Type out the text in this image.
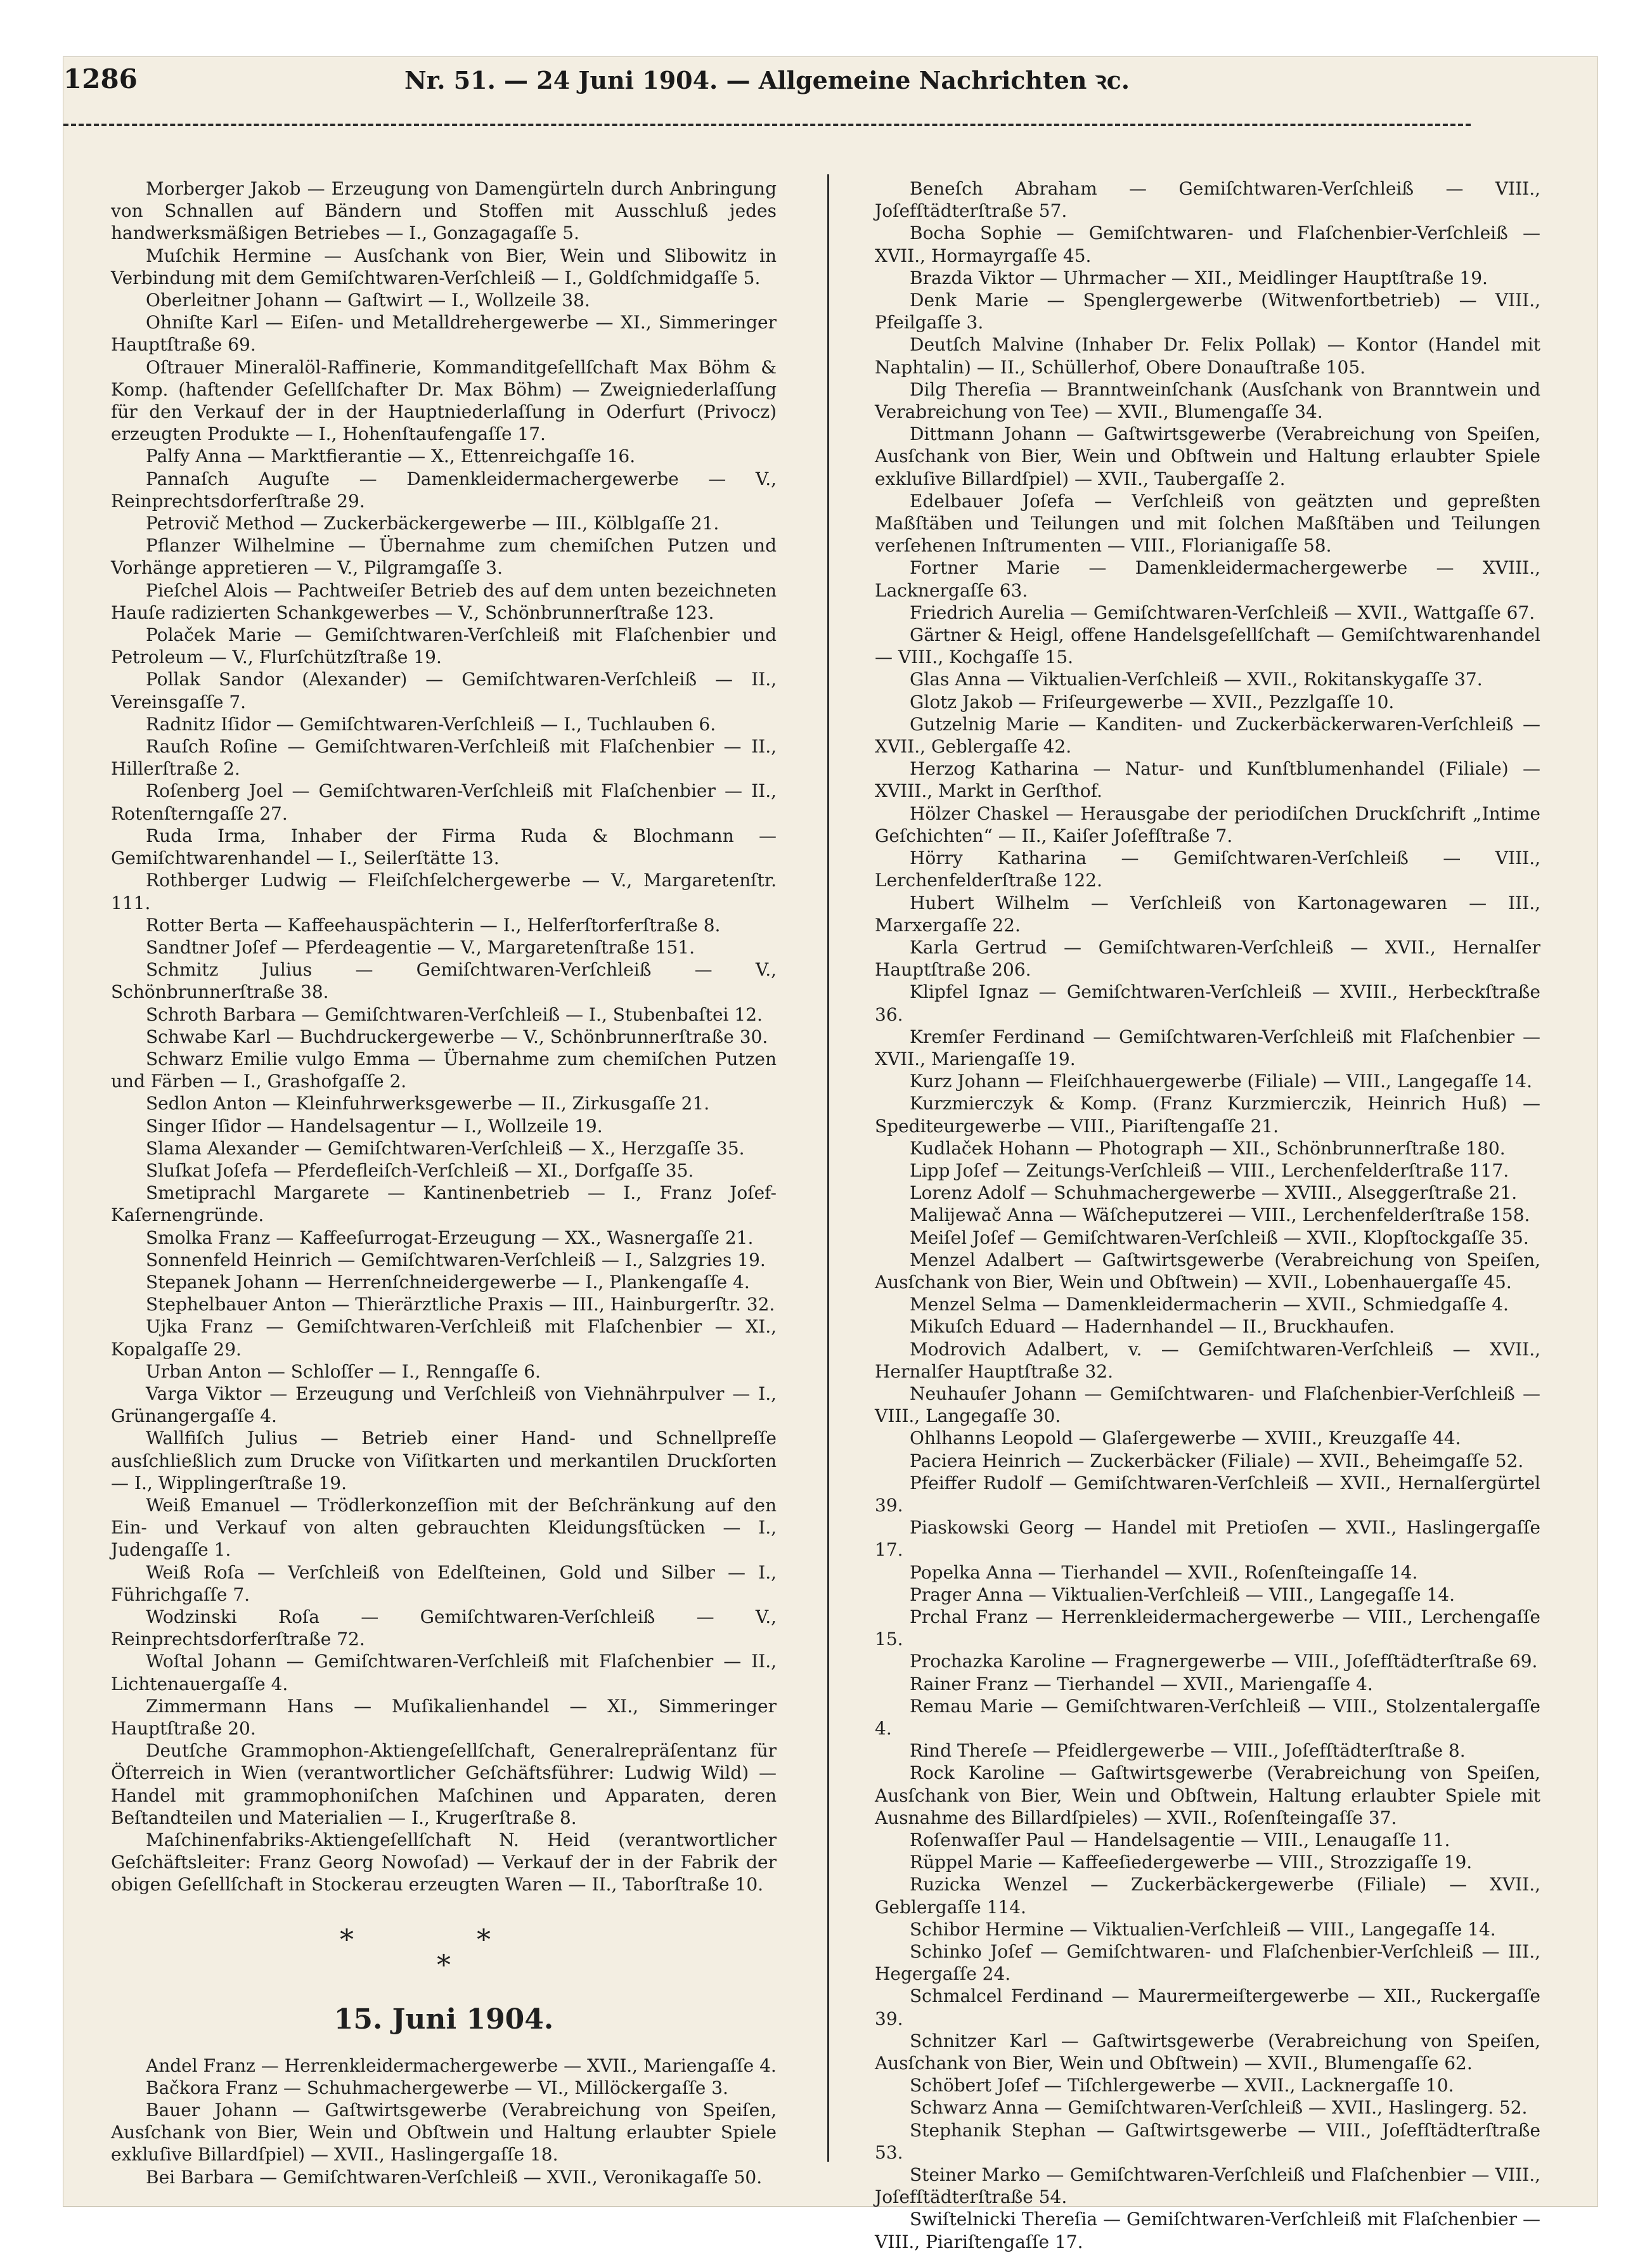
1286	Nr. 51. — 24 Juni 1904. — Allgemeine Nachrichten ꝛc.

Morberger Jakob — Erzeugung von Damengürteln durch Anbringung von Schnallen auf Bändern und Stoffen mit Ausschluß jedes handwerksmäßigen Betriebes — I., Gonzagagaſſe 5.

Muſchik Hermine — Ausſchank von Bier, Wein und Slibowitz in Verbindung mit dem Gemiſchtwaren-Verſchleiß — I., Goldſchmidgaſſe 5.

Oberleitner Johann — Gaſtwirt — I., Wollzeile 38.

Ohniſte Karl — Eiſen- und Metalldrehergewerbe — XI., Simmeringer Hauptſtraße 69.

Oſtrauer Mineralöl-Raffinerie, Kommanditgeſellſchaft Max Böhm & Komp. (haftender Geſellſchafter Dr. Max Böhm) — Zweigniederlaſſung für den Verkauf der in der Hauptniederlaſſung in Oderfurt (Privocz) erzeugten Produkte — I., Hohenſtaufengaſſe 17.

Palfy Anna — Marktfierantie — X., Ettenreichgaſſe 16.

Pannaſch Auguſte — Damenkleidermachergewerbe — V., Reinprechtsdorferſtraße 29.

Petrovič Method — Zuckerbäckergewerbe — III., Kölblgaſſe 21.

Pflanzer Wilhelmine — Übernahme zum chemiſchen Putzen und Vorhänge appretieren — V., Pilgramgaſſe 3.

Pieſchel Alois — Pachtweiſer Betrieb des auf dem unten bezeichneten Hauſe radizierten Schankgewerbes — V., Schönbrunnerſtraße 123.

Polaček Marie — Gemiſchtwaren-Verſchleiß mit Flaſchenbier und Petroleum — V., Flurſchützſtraße 19.

Pollak Sandor (Alexander) — Gemiſchtwaren-Verſchleiß — II., Vereinsgaſſe 7.

Radnitz Iſidor — Gemiſchtwaren-Verſchleiß — I., Tuchlauben 6.

Rauſch Roſine — Gemiſchtwaren-Verſchleiß mit Flaſchenbier — II., Hillerſtraße 2.

Roſenberg Joel — Gemiſchtwaren-Verſchleiß mit Flaſchenbier — II., Rotenſterngaſſe 27.

Ruda Irma, Inhaber der Firma Ruda & Blochmann — Gemiſchtwarenhandel — I., Seilerſtätte 13.

Rothberger Ludwig — Fleiſchſelchergewerbe — V., Margaretenſtr. 111.

Rotter Berta — Kaffeehauspächterin — I., Helferſtorferſtraße 8.

Sandtner Joſef — Pferdeagentie — V., Margaretenſtraße 151.

Schmitz Julius — Gemiſchtwaren-Verſchleiß — V., Schönbrunnerſtraße 38.

Schroth Barbara — Gemiſchtwaren-Verſchleiß — I., Stubenbaſtei 12.

Schwabe Karl — Buchdruckergewerbe — V., Schönbrunnerſtraße 30.

Schwarz Emilie vulgo Emma — Übernahme zum chemiſchen Putzen und Färben — I., Grashofgaſſe 2.

Sedlon Anton — Kleinfuhrwerksgewerbe — II., Zirkusgaſſe 21.

Singer Iſidor — Handelsagentur — I., Wollzeile 19.

Slama Alexander — Gemiſchtwaren-Verſchleiß — X., Herzgaſſe 35.

Sluſkat Joſefa — Pferdefleiſch-Verſchleiß — XI., Dorfgaſſe 35.

Smetiprachl Margarete — Kantinenbetrieb — I., Franz Joſef-Kaſernengründe.

Smolka Franz — Kaffeeſurrogat-Erzeugung — XX., Wasnergaſſe 21.

Sonnenfeld Heinrich — Gemiſchtwaren-Verſchleiß — I., Salzgries 19.

Stepanek Johann — Herrenſchneidergewerbe — I., Plankengaſſe 4.

Stephelbauer Anton — Thierärztliche Praxis — III., Hainburgerſtr. 32.

Ujka Franz — Gemiſchtwaren-Verſchleiß mit Flaſchenbier — XI., Kopalgaſſe 29.

Urban Anton — Schloſſer — I., Renngaſſe 6.

Varga Viktor — Erzeugung und Verſchleiß von Viehnährpulver — I., Grünangergaſſe 4.

Wallfiſch Julius — Betrieb einer Hand- und Schnellpreſſe ausſchließlich zum Drucke von Viſitkarten und merkantilen Druckſorten — I., Wipplingerſtraße 19.

Weiß Emanuel — Trödlerkonzeſſion mit der Beſchränkung auf den Ein- und Verkauf von alten gebrauchten Kleidungsſtücken — I., Judengaſſe 1.

Weiß Roſa — Verſchleiß von Edelſteinen, Gold und Silber — I., Führichgaſſe 7.

Wodzinski Roſa — Gemiſchtwaren-Verſchleiß — V., Reinprechtsdorferſtraße 72.

Woſtal Johann — Gemiſchtwaren-Verſchleiß mit Flaſchenbier — II., Lichtenauergaſſe 4.

Zimmermann Hans — Muſikalienhandel — XI., Simmeringer Hauptſtraße 20.

Deutſche Grammophon-Aktiengeſellſchaft, Generalrepräſentanz für Öſterreich in Wien (verantwortlicher Geſchäftsführer: Ludwig Wild) — Handel mit grammophoniſchen Maſchinen und Apparaten, deren Beſtandteilen und Materialien — I., Krugerſtraße 8.

Maſchinenfabriks-Aktiengeſellſchaft N. Heid (verantwortlicher Geſchäftsleiter: Franz Georg Nowoſad) — Verkauf der in der Fabrik der obigen Geſellſchaft in Stockerau erzeugten Waren — II., Taborſtraße 10.

* *
*
15. Juni 1904.

Andel Franz — Herrenkleidermachergewerbe — XVII., Mariengaſſe 4.

Bačkora Franz — Schuhmachergewerbe — VI., Millöckergaſſe 3.

Bauer Johann — Gaſtwirtsgewerbe (Verabreichung von Speiſen, Ausſchank von Bier, Wein und Obſtwein und Haltung erlaubter Spiele exkluſive Billardſpiel) — XVII., Haslingergaſſe 18.

Bei Barbara — Gemiſchtwaren-Verſchleiß — XVII., Veronikagaſſe 50.

Beneſch Abraham — Gemiſchtwaren-Verſchleiß — VIII., Joſefſtädterſtraße 57.

Bocha Sophie — Gemiſchtwaren- und Flaſchenbier-Verſchleiß — XVII., Hormayrgaſſe 45.

Brazda Viktor — Uhrmacher — XII., Meidlinger Hauptſtraße 19.

Denk Marie — Spenglergewerbe (Witwenfortbetrieb) — VIII., Pfeilgaſſe 3.

Deutſch Malvine (Inhaber Dr. Felix Pollak) — Kontor (Handel mit Naphtalin) — II., Schüllerhof, Obere Donauſtraße 105.

Dilg Thereſia — Branntweinſchank (Ausſchank von Branntwein und Verabreichung von Tee) — XVII., Blumengaſſe 34.

Dittmann Johann — Gaſtwirtsgewerbe (Verabreichung von Speiſen, Ausſchank von Bier, Wein und Obſtwein und Haltung erlaubter Spiele exkluſive Billardſpiel) — XVII., Taubergaſſe 2.

Edelbauer Joſefa — Verſchleiß von geätzten und gepreßten Maßſtäben und Teilungen und mit ſolchen Maßſtäben und Teilungen verſehenen Inſtrumenten — VIII., Florianigaſſe 58.

Fortner Marie — Damenkleidermachergewerbe — XVIII., Lacknergaſſe 63.

Friedrich Aurelia — Gemiſchtwaren-Verſchleiß — XVII., Wattgaſſe 67.

Gärtner & Heigl, offene Handelsgeſellſchaft — Gemiſchtwarenhandel — VIII., Kochgaſſe 15.

Glas Anna — Viktualien-Verſchleiß — XVII., Rokitanskygaſſe 37.

Glotz Jakob — Friſeurgewerbe — XVII., Pezzlgaſſe 10.

Gutzelnig Marie — Kanditen- und Zuckerbäckerwaren-Verſchleiß — XVII., Geblergaſſe 42.

Herzog Katharina — Natur- und Kunſtblumenhandel (Filiale) — XVIII., Markt in Gerſthof.

Hölzer Chaskel — Herausgabe der periodiſchen Druckſchrift „Intime Geſchichten“ — II., Kaiſer Joſefſtraße 7.

Hörry Katharina — Gemiſchtwaren-Verſchleiß — VIII., Lerchenfelderſtraße 122.

Hubert Wilhelm — Verſchleiß von Kartonagewaren — III., Marxergaſſe 22.

Karla Gertrud — Gemiſchtwaren-Verſchleiß — XVII., Hernalſer Hauptſtraße 206.

Klipfel Ignaz — Gemiſchtwaren-Verſchleiß — XVIII., Herbeckſtraße 36.

Kremſer Ferdinand — Gemiſchtwaren-Verſchleiß mit Flaſchenbier — XVII., Mariengaſſe 19.

Kurz Johann — Fleiſchhauergewerbe (Filiale) — VIII., Langegaſſe 14.

Kurzmierczyk & Komp. (Franz Kurzmierczik, Heinrich Huß) — Spediteurgewerbe — VIII., Piariſtengaſſe 21.

Kudlaček Hohann — Photograph — XII., Schönbrunnerſtraße 180.

Lipp Joſef — Zeitungs-Verſchleiß — VIII., Lerchenfelderſtraße 117.

Lorenz Adolf — Schuhmachergewerbe — XVIII., Alseggerſtraße 21.

Malijewač Anna — Wäſcheputzerei — VIII., Lerchenfelderſtraße 158.

Meiſel Joſef — Gemiſchtwaren-Verſchleiß — XVII., Klopſtockgaſſe 35.

Menzel Adalbert — Gaſtwirtsgewerbe (Verabreichung von Speiſen, Ausſchank von Bier, Wein und Obſtwein) — XVII., Lobenhauergaſſe 45.

Menzel Selma — Damenkleidermacherin — XVII., Schmiedgaſſe 4.

Mikuſch Eduard — Hadernhandel — II., Bruckhaufen.

Modrovich Adalbert, v. — Gemiſchtwaren-Verſchleiß — XVII., Hernalſer Hauptſtraße 32.

Neuhauſer Johann — Gemiſchtwaren- und Flaſchenbier-Verſchleiß — VIII., Langegaſſe 30.

Ohlhanns Leopold — Glaſergewerbe — XVIII., Kreuzgaſſe 44.

Paciera Heinrich — Zuckerbäcker (Filiale) — XVII., Beheimgaſſe 52.

Pfeiffer Rudolf — Gemiſchtwaren-Verſchleiß — XVII., Hernalſergürtel 39.

Piaskowski Georg — Handel mit Pretioſen — XVII., Haslingergaſſe 17.

Popelka Anna — Tierhandel — XVII., Roſenſteingaſſe 14.

Prager Anna — Viktualien-Verſchleiß — VIII., Langegaſſe 14.

Prchal Franz — Herrenkleidermachergewerbe — VIII., Lerchengaſſe 15.

Prochazka Karoline — Fragnergewerbe — VIII., Joſefſtädterſtraße 69.

Rainer Franz — Tierhandel — XVII., Mariengaſſe 4.

Remau Marie — Gemiſchtwaren-Verſchleiß — VIII., Stolzentalergaſſe 4.

Rind Thereſe — Pfeidlergewerbe — VIII., Joſefſtädterſtraße 8.

Rock Karoline — Gaſtwirtsgewerbe (Verabreichung von Speiſen, Ausſchank von Bier, Wein und Obſtwein, Haltung erlaubter Spiele mit Ausnahme des Billardſpieles) — XVII., Roſenſteingaſſe 37.

Roſenwaſſer Paul — Handelsagentie — VIII., Lenaugaſſe 11.

Rüppel Marie — Kaffeeſiedergewerbe — VIII., Strozzigaſſe 19.

Ruzicka Wenzel — Zuckerbäckergewerbe (Filiale) — XVII., Geblergaſſe 114.

Schibor Hermine — Viktualien-Verſchleiß — VIII., Langegaſſe 14.

Schinko Joſef — Gemiſchtwaren- und Flaſchenbier-Verſchleiß — III., Hegergaſſe 24.

Schmalcel Ferdinand — Maurermeiſtergewerbe — XII., Ruckergaſſe 39.

Schnitzer Karl — Gaſtwirtsgewerbe (Verabreichung von Speiſen, Ausſchank von Bier, Wein und Obſtwein) — XVII., Blumengaſſe 62.

Schöbert Joſef — Tiſchlergewerbe — XVII., Lacknergaſſe 10.

Schwarz Anna — Gemiſchtwaren-Verſchleiß — XVII., Haslingerg. 52.

Stephanik Stephan — Gaſtwirtsgewerbe — VIII., Joſefſtädterſtraße 53.

Steiner Marko — Gemiſchtwaren-Verſchleiß und Flaſchenbier — VIII., Joſefſtädterſtraße 54.

Swiſtelnicki Thereſia — Gemiſchtwaren-Verſchleiß mit Flaſchenbier — VIII., Piariſtengaſſe 17.
